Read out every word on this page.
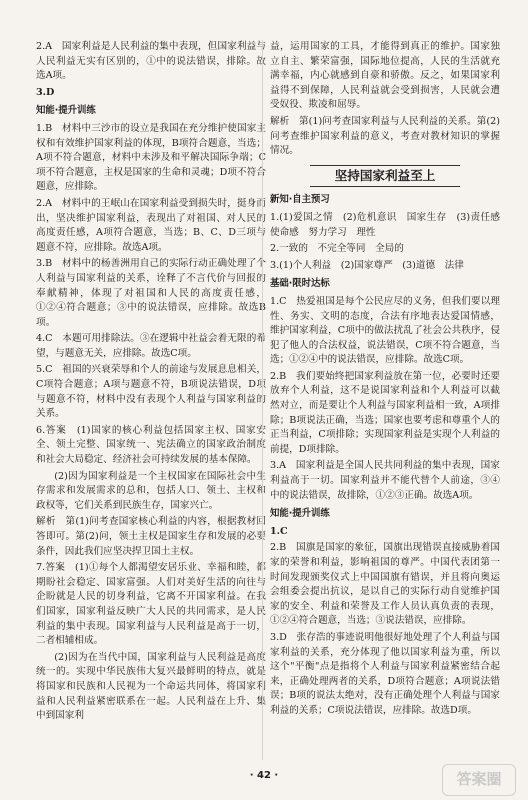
2.A　国家利益是人民利益的集中表现，但国家利益与人民利益无实有区别的，①中的说法错误，排除。故选A项。
3.D
知能·提升训练
1.B　材料中三沙市的设立是我国在充分维护使国家主权和有效维护国家利益的体现，B项符合题意，当选；A项不符合题意，材料中未涉及和平解决国际争端；C项不符合题意，主权是国家的生命和灵魂；D项不符合题意，应排除。
2.A　材料中的王岷山在国家利益受到损失时，挺身而出，坚决维护国家利益，表现出了对祖国、对人民的高度责任感，A项符合题意，当选；B、C、D三项与题意不符，应排除。故选A项。
3.B　材料中的杨善洲用自己的实际行动正确处理了个人利益与国家利益的关系，诠释了不言代价与回报的奉献精神，体现了对祖国和人民的高度责任感，①②④符合题意；③中的说法错误，应排除。故选B项。
4.C　本题可用排除法。③在逻辑中社益会着无限的希望，与题意无关，应排除。故选C项。
5.C　祖国的兴衰荣辱和个人的前途与发展息息相关，C项符合题意；A项与题意不符，B项说法错误，D项与题意不符，材料中没有表现个人利益与国家利益的关系。
6.答案　(1)国家的核心利益包括国家主权、国家安全、领土完整、国家统一、宪法确立的国家政治制度和社会大局稳定、经济社会可持续发展的基本保障。
(2)因为国家利益是一个主权国家在国际社会中生存需求和发展需求的总和，包括人口、领土、主权和政权等，它们关系到民族生存，国家兴亡。
解析　第(1)问考查国家核心利益的内容，根据教材回答即可。第(2)问，领土主权是国家生存和发展的必要条件，因此我们应坚决捍卫国土主权。
7.答案　(1)①每个人都渴望安居乐业、幸福和睦，都期盼社会稳定、国家富强。人们对美好生活的向往与企盼就是人民的切身利益，它离不开国家利益。在我们国家，国家利益反映广大人民的共同需求，是人民利益的集中表现。国家利益与人民利益是高于一切，二者相辅相成。
(2)因为在当代中国，国家利益与人民利益是高度统一的。实现中华民族伟大复兴最鲜明的特点，就是将国家和民族和人民视为一个命运共同体，将国家利益和人民利益紧密联系在一起。人民利益在上升、集中到国家利
益，运用国家的工具，才能得到真正的维护。国家独立自主、繁荣富强，国际地位提高，人民的生活就充满幸福，内心就感到自豪和骄傲。反之，如果国家利益得不到保障，人民利益就会受到损害，人民就会遭受奴役、欺凌和屈辱。
解析　第(1)问考查国家利益与人民利益的关系。第(2)问考查维护国家利益的意义，考查对教材知识的掌握情况。
坚持国家利益至上
新知·自主预习
1.(1)爱国之情　(2)危机意识　国家生存　(3)责任感　使命感　努力学习　理性
2.一致的　不完全等同　全局的
3.(1)个人利益　(2)国家尊严　(3)道德　法律
基础·限时达标
1.C　热爱祖国是每个公民应尽的义务，但我们要以理性、务实、文明的态度，合法有序地表达爱国情感，维护国家利益，C项中的做法扰乱了社会公共秩序，侵犯了他人的合法权益，说法错误，C项不符合题意，当选；①②④中的说法错误，应排除。故选C项。
2.B　我们要始终把国家利益放在第一位，必要时还要放弃个人利益，这不是说国家利益和个人利益可以截然对立，而是要让个人利益与国家利益相一致，A项排除；B项说法正确，当选；国家也要考虑和尊重个人的正当利益，C项排除；实现国家利益是实现个人利益的前提，D项排除。
3.A　国家利益是全国人民共同利益的集中表现，国家利益高于一切。国家利益并不能代替个人前途，③④中的说法错误，故排除，①②③正确。故选A项。
知能·提升训练
1.C
2.B　国旗是国家的象征，国旗出现错误直接威胁着国家的荣誉和利益，影响祖国的尊严。中国代表团第一时间发现颁奖仪式上中国国旗有错误，并且将向奥运会组委会提出抗议，是以自己的实际行动自觉维护国家的安全、利益和荣誉及工作人员认真负责的表现，①②④符合题意，当选；③说法错误，应排除。
3.D　张存浩的事迹说明他很好地处理了个人利益与国家利益的关系，充分体现了他以国家利益为重，所以这个"平衡"点是指将个人利益与国家利益紧密结合起来，正确处理两者的关系，D项符合题意；A项说法错误；B项的说法太绝对，没有正确处理个人利益与国家利益的关系；C项说法错误，应排除。故选D项。
· 42 ·	答案圈
